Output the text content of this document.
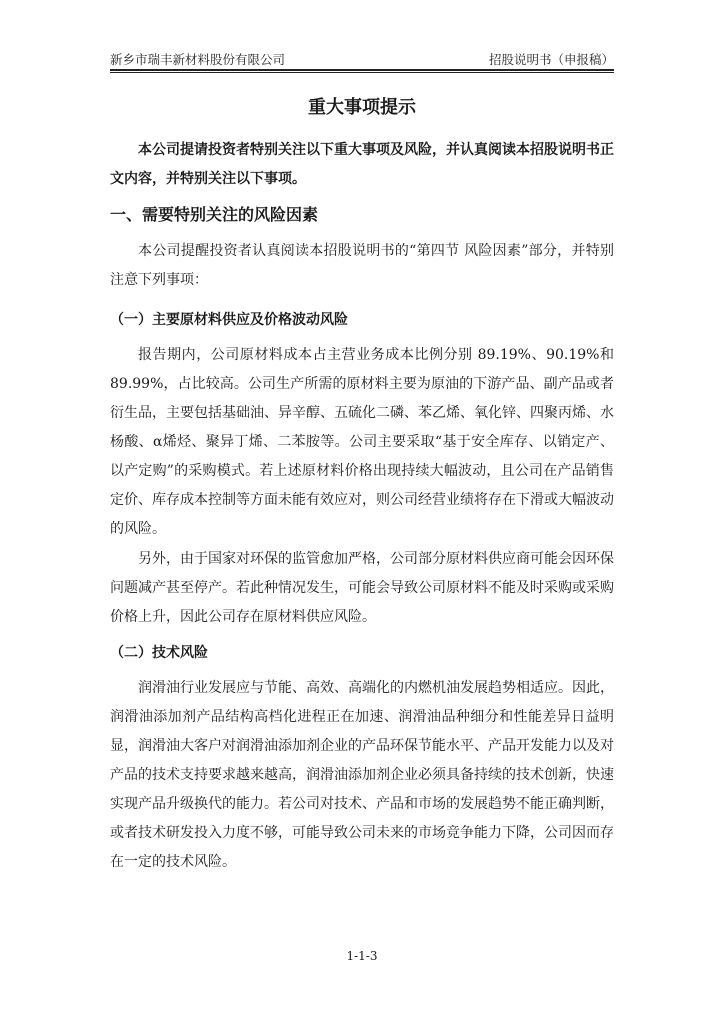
新乡市瑞丰新材料股份有限公司	招股说明书（申报稿）
重大事项提示
本公司提请投资者特别关注以下重大事项及风险，并认真阅读本招股说明书正文内容，并特别关注以下事项。
一、需要特别关注的风险因素
本公司提醒投资者认真阅读本招股说明书的“第四节 风险因素”部分，并特别注意下列事项：
（一）主要原材料供应及价格波动风险
报告期内，公司原材料成本占主营业务成本比例分别 89.19%、90.19%和89.99%，占比较高。公司生产所需的原材料主要为原油的下游产品、副产品或者衍生品，主要包括基础油、异辛醇、五硫化二磷、苯乙烯、氧化锌、四聚丙烯、水杨酸、α烯烃、聚异丁烯、二苯胺等。公司主要采取“基于安全库存、以销定产、以产定购”的采购模式。若上述原材料价格出现持续大幅波动，且公司在产品销售定价、库存成本控制等方面未能有效应对，则公司经营业绩将存在下滑或大幅波动的风险。
另外，由于国家对环保的监管愈加严格，公司部分原材料供应商可能会因环保问题减产甚至停产。若此种情况发生，可能会导致公司原材料不能及时采购或采购价格上升，因此公司存在原材料供应风险。
（二）技术风险
润滑油行业发展应与节能、高效、高端化的内燃机油发展趋势相适应。因此，润滑油添加剂产品结构高档化进程正在加速、润滑油品种细分和性能差异日益明显，润滑油大客户对润滑油添加剂企业的产品环保节能水平、产品开发能力以及对产品的技术支持要求越来越高，润滑油添加剂企业必须具备持续的技术创新，快速实现产品升级换代的能力。若公司对技术、产品和市场的发展趋势不能正确判断，或者技术研发投入力度不够，可能导致公司未来的市场竞争能力下降，公司因而存在一定的技术风险。
1-1-3
